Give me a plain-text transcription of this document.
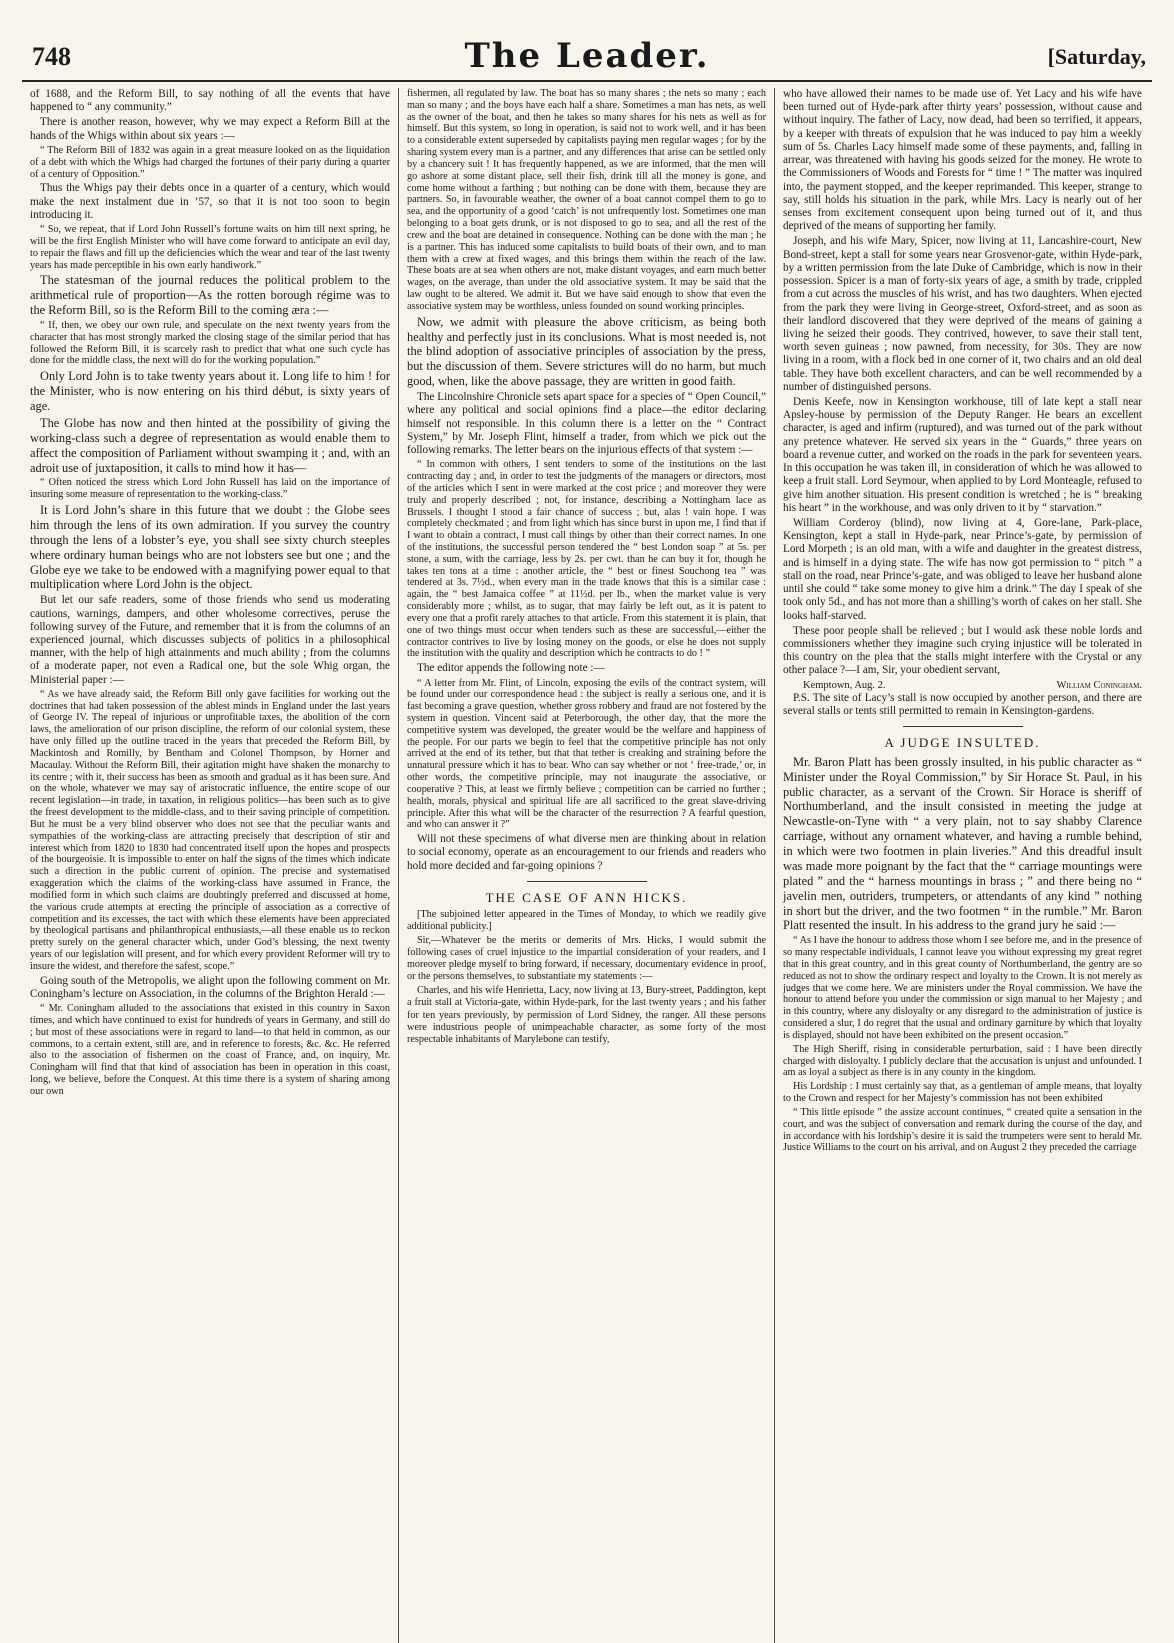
748	The Leader.	[Saturday,

of 1688, and the Reform Bill, to say nothing of all the events that have happened to “ any community.”

There is another reason, however, why we may expect a Reform Bill at the hands of the Whigs within about six years :—

“ The Reform Bill of 1832 was again in a great measure looked on as the liquidation of a debt with which the Whigs had charged the fortunes of their party during a quarter of a century of Opposition.”

Thus the Whigs pay their debts once in a quarter of a century, which would make the next instalment due in ’57, so that it is not too soon to begin introducing it.

“ So, we repeat, that if Lord John Russell’s fortune waits on him till next spring, he will be the first English Minister who will have come forward to anticipate an evil day, to repair the flaws and fill up the deficiencies which the wear and tear of the last twenty years has made perceptible in his own early handiwork.”

The statesman of the journal reduces the political problem to the arithmetical rule of proportion—As the rotten borough régime was to the Reform Bill, so is the Reform Bill to the coming æra :—

“ If, then, we obey our own rule, and speculate on the next twenty years from the character that has most strongly marked the closing stage of the similar period that has followed the Reform Bill, it is scarcely rash to predict that what one such cycle has done for the middle class, the next will do for the working population.”

Only Lord John is to take twenty years about it. Long life to him ! for the Minister, who is now entering on his third début, is sixty years of age.

The Globe has now and then hinted at the possibility of giving the working-class such a degree of representation as would enable them to affect the composition of Parliament without swamping it ; and, with an adroit use of juxtaposition, it calls to mind how it has—

“ Often noticed the stress which Lord John Russell has laid on the importance of insuring some measure of representation to the working-class.”

It is Lord John’s share in this future that we doubt : the Globe sees him through the lens of its own admiration. If you survey the country through the lens of a lobster’s eye, you shall see sixty church steeples where ordinary human beings who are not lobsters see but one ; and the Globe eye we take to be endowed with a magnifying power equal to that multiplication where Lord John is the object.

But let our safe readers, some of those friends who send us moderating cautions, warnings, dampers, and other wholesome correctives, peruse the following survey of the Future, and remember that it is from the columns of an experienced journal, which discusses subjects of politics in a philosophical manner, with the help of high attainments and much ability ; from the columns of a moderate paper, not even a Radical one, but the sole Whig organ, the Ministerial paper :—

“ As we have already said, the Reform Bill only gave facilities for working out the doctrines that had taken possession of the ablest minds in England under the last years of George IV. The repeal of injurious or unprofitable taxes, the abolition of the corn laws, the amelioration of our prison discipline, the reform of our colonial system, these have only filled up the outline traced in the years that preceded the Reform Bill, by Mackintosh and Romilly, by Bentham and Colonel Thompson, by Horner and Macaulay. Without the Reform Bill, their agitation might have shaken the monarchy to its centre ; with it, their success has been as smooth and gradual as it has been sure. And on the whole, whatever we may say of aristocratic influence, the entire scope of our recent legislation—in trade, in taxation, in religious politics—has been such as to give the freest development to the middle-class, and to their saving principle of competition. But he must be a very blind observer who does not see that the peculiar wants and sympathies of the working-class are attracting precisely that description of stir and interest which from 1820 to 1830 had concentrated itself upon the hopes and prospects of the bourgeoisie. It is impossible to enter on half the signs of the times which indicate such a direction in the public current of opinion. The precise and systematised exaggeration which the claims of the working-class have assumed in France, the modified form in which such claims are doubtingly preferred and discussed at home, the various crude attempts at erecting the principle of association as a corrective of competition and its excesses, the tact with which these elements have been appreciated by theological partisans and philanthropical enthusiasts,—all these enable us to reckon pretty surely on the general character which, under God’s blessing, the next twenty years of our legislation will present, and for which every provident Reformer will try to insure the widest, and therefore the safest, scope.”

Going south of the Metropolis, we alight upon the following comment on Mr. Coningham’s lecture on Association, in the columns of the Brighton Herald :—

“ Mr. Coningham alluded to the associations that existed in this country in Saxon times, and which have continued to exist for hundreds of years in Germany, and still do ; but most of these associations were in regard to land—to that held in common, as our commons, to a certain extent, still are, and in reference to forests, &c. &c. He referred also to the association of fishermen on the coast of France, and, on inquiry, Mr. Coningham will find that that kind of association has been in operation in this coast, long, we believe, before the Conquest. At this time there is a system of sharing among our own

fishermen, all regulated by law. The boat has so many shares ; the nets so many ; each man so many ; and the boys have each half a share. Sometimes a man has nets, as well as the owner of the boat, and then he takes so many shares for his nets as well as for himself. But this system, so long in operation, is said not to work well, and it has been to a considerable extent superseded by capitalists paying men regular wages ; for by the sharing system every man is a partner, and any differences that arise can be settled only by a chancery suit ! It has frequently happened, as we are informed, that the men will go ashore at some distant place, sell their fish, drink till all the money is gone, and come home without a farthing ; but nothing can be done with them, because they are partners. So, in favourable weather, the owner of a boat cannot compel them to go to sea, and the opportunity of a good ‘catch’ is not unfrequently lost. Sometimes one man belonging to a boat gets drunk, or is not disposed to go to sea, and all the rest of the crew and the boat are detained in consequence. Nothing can be done with the man ; he is a partner. This has induced some capitalists to build boats of their own, and to man them with a crew at fixed wages, and this brings them within the reach of the law. These boats are at sea when others are not, make distant voyages, and earn much better wages, on the average, than under the old associative system. It may be said that the law ought to be altered. We admit it. But we have said enough to show that even the associative system may be worthless, unless founded on sound working principles.

Now, we admit with pleasure the above criticism, as being both healthy and perfectly just in its conclusions. What is most needed is, not the blind adoption of associative principles of association by the press, but the discussion of them. Severe strictures will do no harm, but much good, when, like the above passage, they are written in good faith.

The Lincolnshire Chronicle sets apart space for a species of “ Open Council,” where any political and social opinions find a place—the editor declaring himself not responsible. In this column there is a letter on the “ Contract System,” by Mr. Joseph Flint, himself a trader, from which we pick out the following remarks. The letter bears on the injurious effects of that system :—

“ In common with others, I sent tenders to some of the institutions on the last contracting day ; and, in order to test the judgments of the managers or directors, most of the articles which I sent in were marked at the cost price ; and moreover they were truly and properly described ; not, for instance, describing a Nottingham lace as Brussels. I thought I stood a fair chance of success ; but, alas ! vain hope. I was completely checkmated ; and from light which has since burst in upon me, I find that if I want to obtain a contract, I must call things by other than their correct names. In one of the institutions, the successful person tendered the “ best London soap ” at 5s. per stone, a sum, with the carriage, less by 2s. per cwt. than he can buy it for, though he takes ten tons at a time : another article, the “ best or finest Souchong tea ” was tendered at 3s. 7½d., when every man in the trade knows that this is a similar case : again, the “ best Jamaica coffee ” at 11½d. per lb., when the market value is very considerably more ; whilst, as to sugar, that may fairly be left out, as it is patent to every one that a profit rarely attaches to that article. From this statement it is plain, that one of two things must occur when tenders such as these are successful,—either the contractor contrives to live by losing money on the goods, or else he does not supply the institution with the quality and description which he contracts to do ! ”

The editor appends the following note :—

“ A letter from Mr. Flint, of Lincoln, exposing the evils of the contract system, will be found under our correspondence head : the subject is really a serious one, and it is fast becoming a grave question, whether gross robbery and fraud are not fostered by the system in question. Vincent said at Peterborough, the other day, that the more the competitive system was developed, the greater would be the welfare and happiness of the people. For our parts we begin to feel that the competitive principle has not only arrived at the end of its tether, but that that tether is creaking and straining before the unnatural pressure which it has to bear. Who can say whether or not ‘ free-trade,’ or, in other words, the competitive principle, may not inaugurate the associative, or cooperative ? This, at least we firmly believe ; competition can be carried no further ; health, morals, physical and spiritual life are all sacrificed to the great slave-driving principle. After this what will be the character of the resurrection ? A fearful question, and who can answer it ?”

Will not these specimens of what diverse men are thinking about in relation to social economy, operate as an encouragement to our friends and readers who hold more decided and far-going opinions ?

THE CASE OF ANN HICKS.

[The subjoined letter appeared in the Times of Monday, to which we readily give additional publicity.]

Sir,—Whatever be the merits or demerits of Mrs. Hicks, I would submit the following cases of cruel injustice to the impartial consideration of your readers, and I moreover pledge myself to bring forward, if necessary, documentary evidence in proof, or the persons themselves, to substantiate my statements :—

Charles, and his wife Henrietta, Lacy, now living at 13, Bury-street, Paddington, kept a fruit stall at Victoria-gate, within Hyde-park, for the last twenty years ; and his father for ten years previously, by permission of Lord Sidney, the ranger. All these persons were industrious people of unimpeachable character, as some forty of the most respectable inhabitants of Marylebone can testify,

who have allowed their names to be made use of. Yet Lacy and his wife have been turned out of Hyde-park after thirty years’ possession, without cause and without inquiry. The father of Lacy, now dead, had been so terrified, it appears, by a keeper with threats of expulsion that he was induced to pay him a weekly sum of 5s. Charles Lacy himself made some of these payments, and, falling in arrear, was threatened with having his goods seized for the money. He wrote to the Commissioners of Woods and Forests for “ time ! ” The matter was inquired into, the payment stopped, and the keeper reprimanded. This keeper, strange to say, still holds his situation in the park, while Mrs. Lacy is nearly out of her senses from excitement consequent upon being turned out of it, and thus deprived of the means of supporting her family.

Joseph, and his wife Mary, Spicer, now living at 11, Lancashire-court, New Bond-street, kept a stall for some years near Grosvenor-gate, within Hyde-park, by a written permission from the late Duke of Cambridge, which is now in their possession. Spicer is a man of forty-six years of age, a smith by trade, crippled from a cut across the muscles of his wrist, and has two daughters. When ejected from the park they were living in George-street, Oxford-street, and as soon as their landlord discovered that they were deprived of the means of gaining a living he seized their goods. They contrived, however, to save their stall tent, worth seven guineas ; now pawned, from necessity, for 30s. They are now living in a room, with a flock bed in one corner of it, two chairs and an old deal table. They have both excellent characters, and can be well recommended by a number of distinguished persons.

Denis Keefe, now in Kensington workhouse, till of late kept a stall near Apsley-house by permission of the Deputy Ranger. He bears an excellent character, is aged and infirm (ruptured), and was turned out of the park without any pretence whatever. He served six years in the “ Guards,” three years on board a revenue cutter, and worked on the roads in the park for seventeen years. In this occupation he was taken ill, in consideration of which he was allowed to keep a fruit stall. Lord Seymour, when applied to by Lord Monteagle, refused to give him another situation. His present condition is wretched ; he is “ breaking his heart ” in the workhouse, and was only driven to it by “ starvation.”

William Corderoy (blind), now living at 4, Gore-lane, Park-place, Kensington, kept a stall in Hyde-park, near Prince’s-gate, by permission of Lord Morpeth ; is an old man, with a wife and daughter in the greatest distress, and is himself in a dying state. The wife has now got permission to “ pitch ” a stall on the road, near Prince’s-gate, and was obliged to leave her husband alone until she could “ take some money to give him a drink.” The day I speak of she took only 5d., and has not more than a shilling’s worth of cakes on her stall. She looks half-starved.

These poor people shall be relieved ; but I would ask these noble lords and commissioners whether they imagine such crying injustice will be tolerated in this country on the plea that the stalls might interfere with the Crystal or any other palace ?—I am, Sir, your obedient servant,

Kemptown, Aug. 2.	William Coningham.

P.S. The site of Lacy’s stall is now occupied by another person, and there are several stalls or tents still permitted to remain in Kensington-gardens.

A JUDGE INSULTED.

Mr. Baron Platt has been grossly insulted, in his public character as “ Minister under the Royal Commission,” by Sir Horace St. Paul, in his public character, as a servant of the Crown. Sir Horace is sheriff of Northumberland, and the insult consisted in meeting the judge at Newcastle-on-Tyne with “ a very plain, not to say shabby Clarence carriage, without any ornament whatever, and having a rumble behind, in which were two footmen in plain liveries.” And this dreadful insult was made more poignant by the fact that the “ carriage mountings were plated ” and the “ harness mountings in brass ; ” and there being no “ javelin men, outriders, trumpeters, or attendants of any kind ” nothing in short but the driver, and the two footmen “ in the rumble.” Mr. Baron Platt resented the insult. In his address to the grand jury he said :—

“ As I have the honour to address those whom I see before me, and in the presence of so many respectable individuals, I cannot leave you without expressing my great regret that in this great country, and in this great county of Northumberland, the gentry are so reduced as not to show the ordinary respect and loyalty to the Crown. It is not merely as judges that we come here. We are ministers under the Royal commission. We have the honour to attend before you under the commission or sign manual to her Majesty ; and in this country, where any disloyalty or any disregard to the administration of justice is considered a slur, I do regret that the usual and ordinary garniture by which that loyalty is displayed, should not have been exhibited on the present occasion.”

The High Sheriff, rising in considerable perturbation, said : I have been directly charged with disloyalty. I publicly declare that the accusation is unjust and unfounded. I am as loyal a subject as there is in any county in the kingdom.

His Lordship : I must certainly say that, as a gentleman of ample means, that loyalty to the Crown and respect for her Majesty’s commission has not been exhibited

“ This little episode ” the assize account continues, “ created quite a sensation in the court, and was the subject of conversation and remark during the course of the day, and in accordance with his lordship’s desire it is said the trumpeters were sent to herald Mr. Justice Williams to the court on his arrival, and on August 2 they preceded the carriage
